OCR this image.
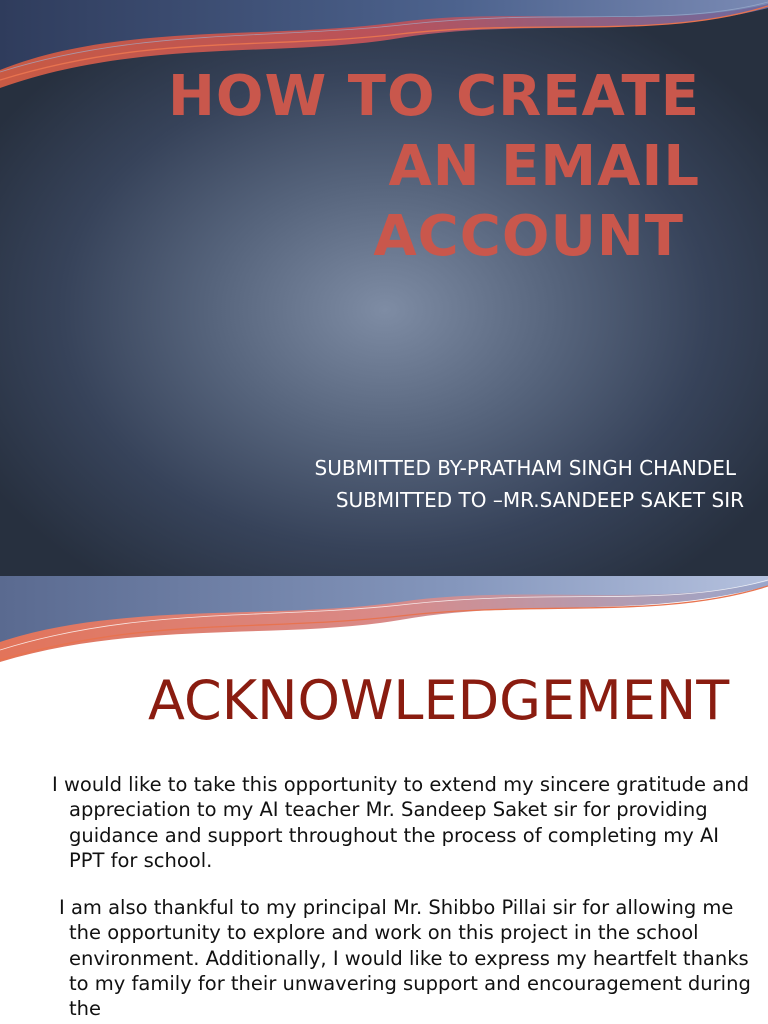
HOW TO CREATE
AN EMAIL
ACCOUNT
SUBMITTED BY-PRATHAM SINGH CHANDEL
SUBMITTED TO –MR.SANDEEP SAKET SIR
ACKNOWLEDGEMENT

I would like to take this opportunity to extend my sincere gratitude and appreciation to my AI teacher Mr. Sandeep Saket sir for providing guidance and support throughout the process of completing my AI PPT for school.

I am also thankful to my principal Mr. Shibbo Pillai sir for allowing me the opportunity to explore and work on this project in the school environment. Additionally, I would like to express my heartfelt thanks to my family for their unwavering support and encouragement during the
